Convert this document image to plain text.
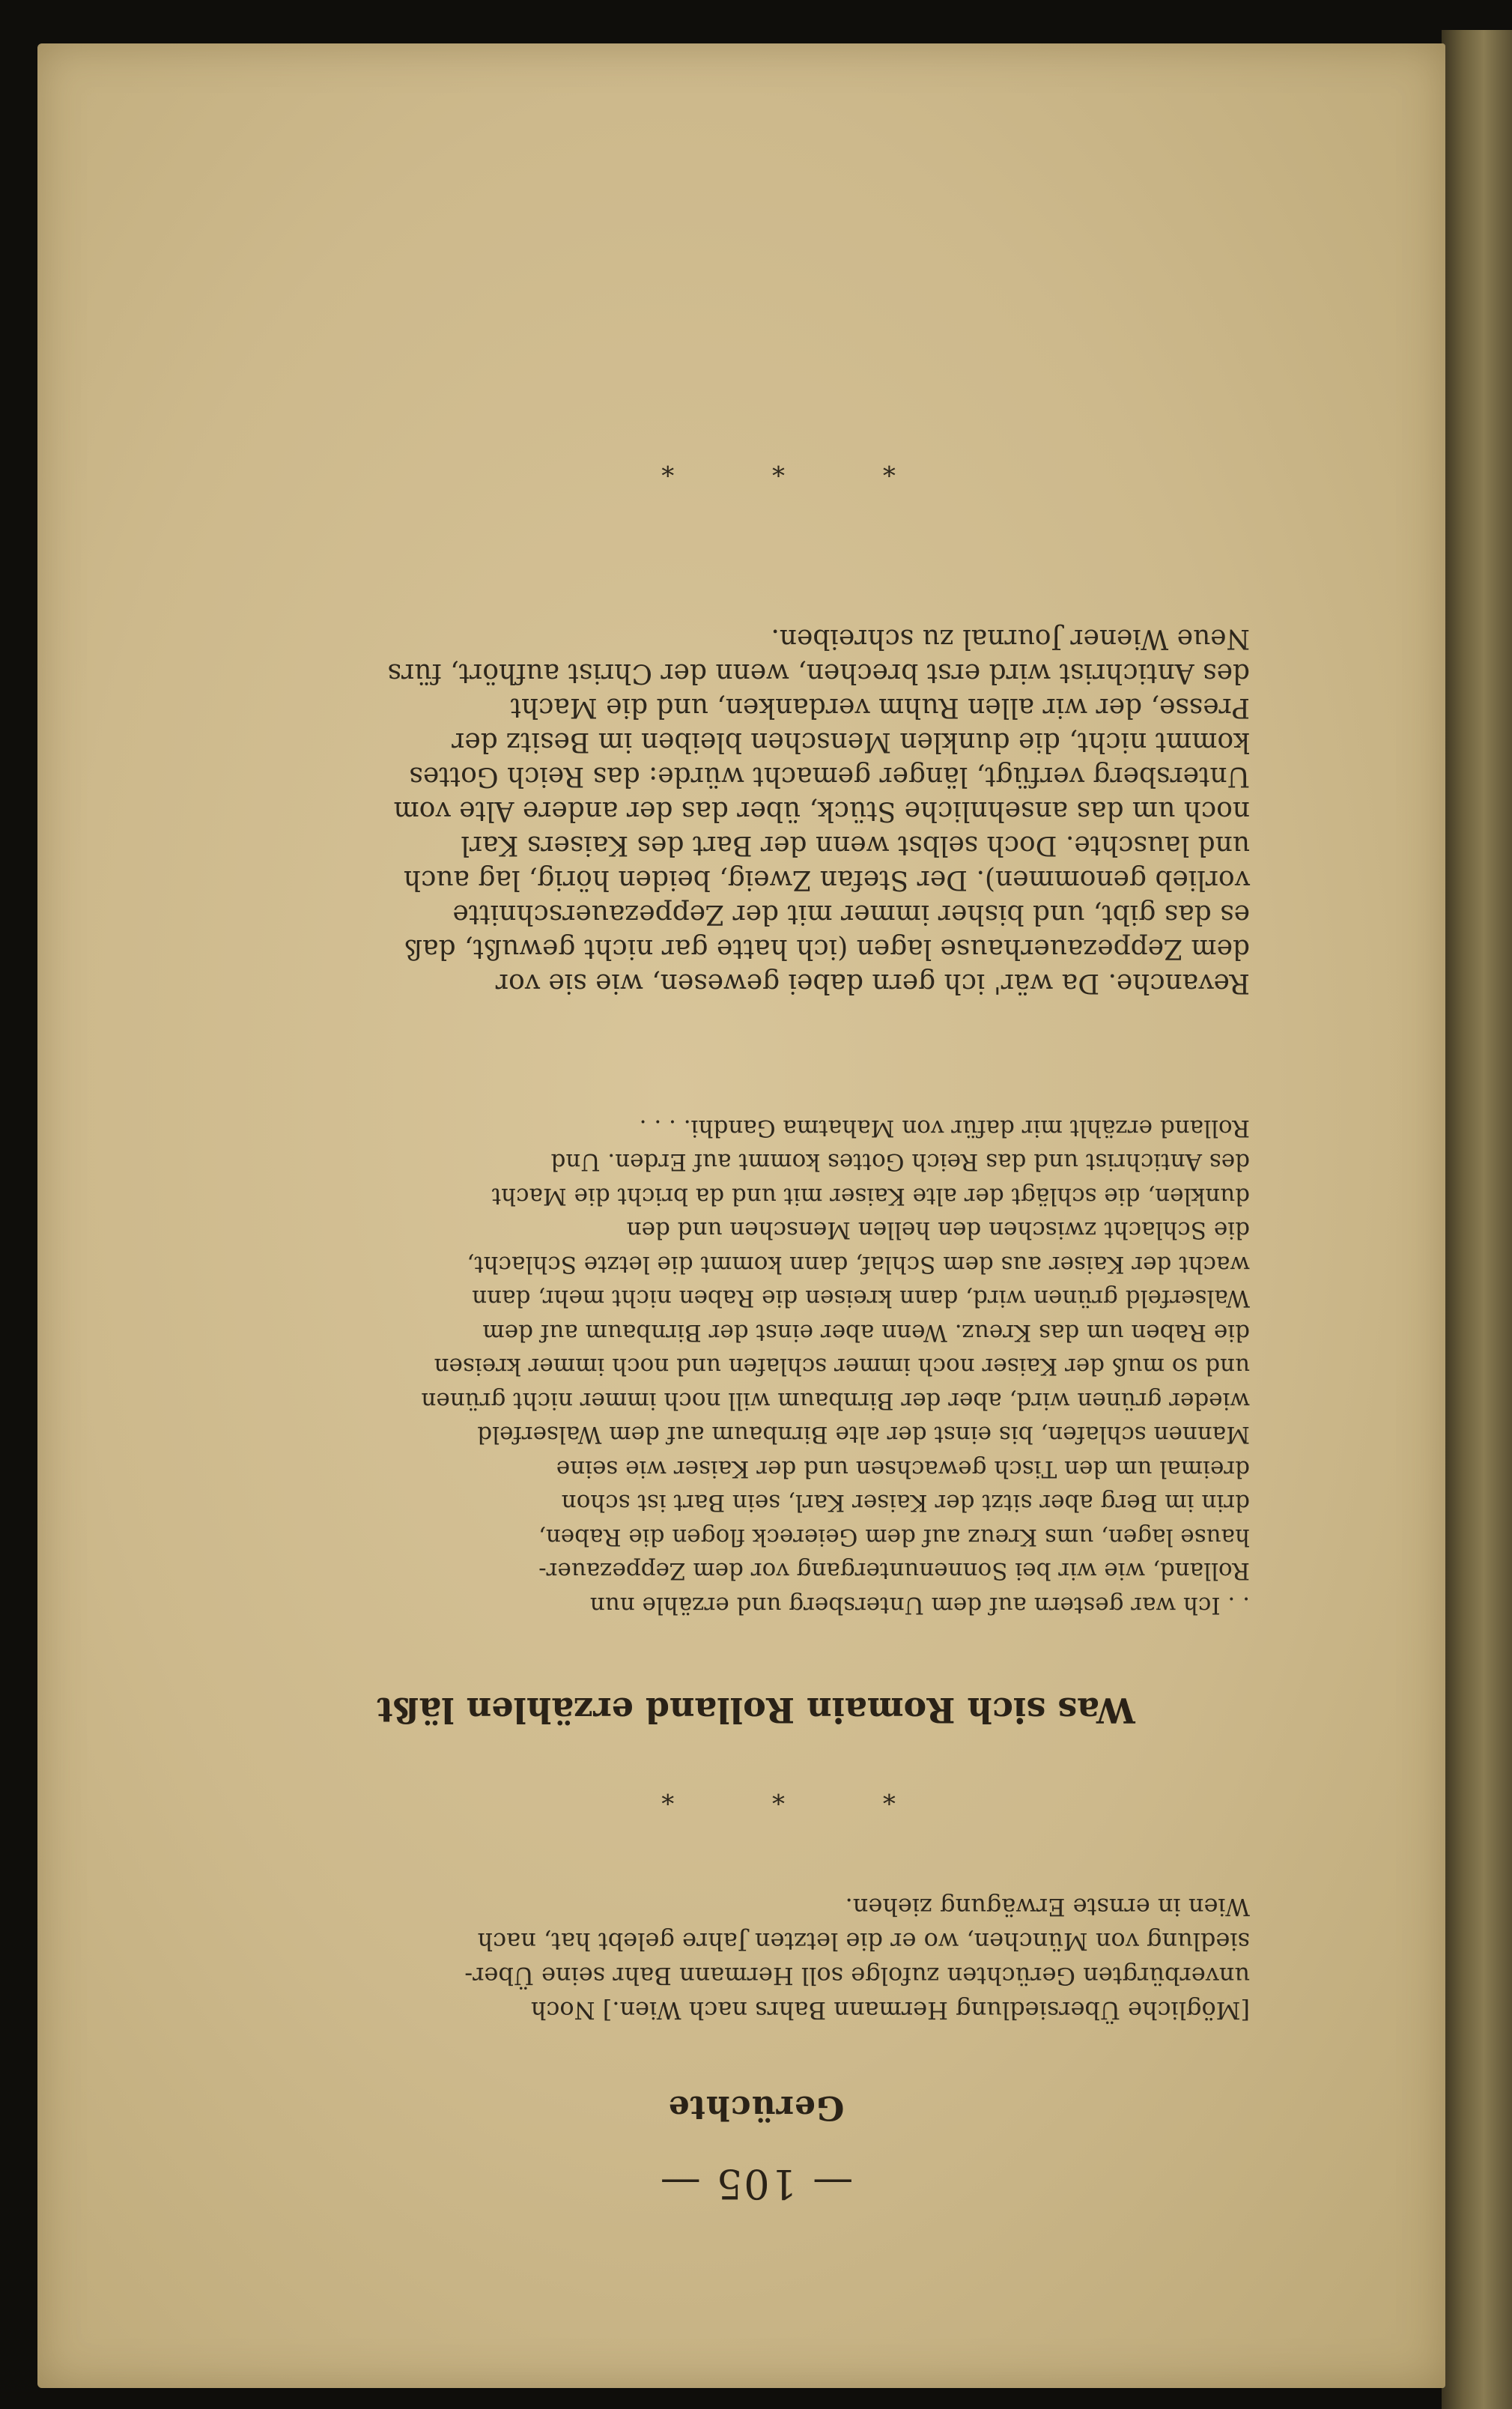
— 105 —
Gerüchte

[Mögliche Übersiedlung Hermann Bahrs nach Wien.] Noch

unverbürgten Gerüchten zufolge soll Hermann Bahr seine Über-

siedlung von München, wo er die letzten Jahre gelebt hat, nach

Wien in ernste Erwägung ziehen.

* * *
Was sich Romain Rolland erzählen läßt

. . Ich war gestern auf dem Untersberg und erzähle nun

Rolland, wie wir bei Sonnenuntergang vor dem Zeppezauer-

hause lagen, ums Kreuz auf dem Geiereck flogen die Raben,

drin im Berg aber sitzt der Kaiser Karl, sein Bart ist schon

dreimal um den Tisch gewachsen und der Kaiser wie seine

Mannen schlafen, bis einst der alte Birnbaum auf dem Walserfeld

wieder grünen wird, aber der Birnbaum will noch immer nicht grünen

und so muß der Kaiser noch immer schlafen und noch immer kreisen

die Raben um das Kreuz. Wenn aber einst der Birnbaum auf dem

Walserfeld grünen wird, dann kreisen die Raben nicht mehr, dann

wacht der Kaiser aus dem Schlaf, dann kommt die letzte Schlacht,

die Schlacht zwischen den hellen Menschen und den

dunklen, die schlägt der alte Kaiser mit und da bricht die Macht

des Antichrist und das Reich Gottes kommt auf Erden. Und

Rolland erzählt mir dafür von Mahatma Gandhi. . . .

Revanche. Da wär' ich gern dabei gewesen, wie sie vor

dem Zeppezauerhause lagen (ich hatte gar nicht gewußt, daß

es das gibt, und bisher immer mit der Zeppezauerschnitte

vorlieb genommen). Der Stefan Zweig, beiden hörig, lag auch

und lauschte. Doch selbst wenn der Bart des Kaisers Karl

noch um das ansehnliche Stück, über das der andere Alte vom

Untersberg verfügt, länger gemacht würde: das Reich Gottes

kommt nicht, die dunklen Menschen bleiben im Besitz der

Presse, der wir allen Ruhm verdanken, und die Macht

des Antichrist wird erst brechen, wenn der Christ aufhört, fürs

Neue Wiener Journal zu schreiben.

* * *
